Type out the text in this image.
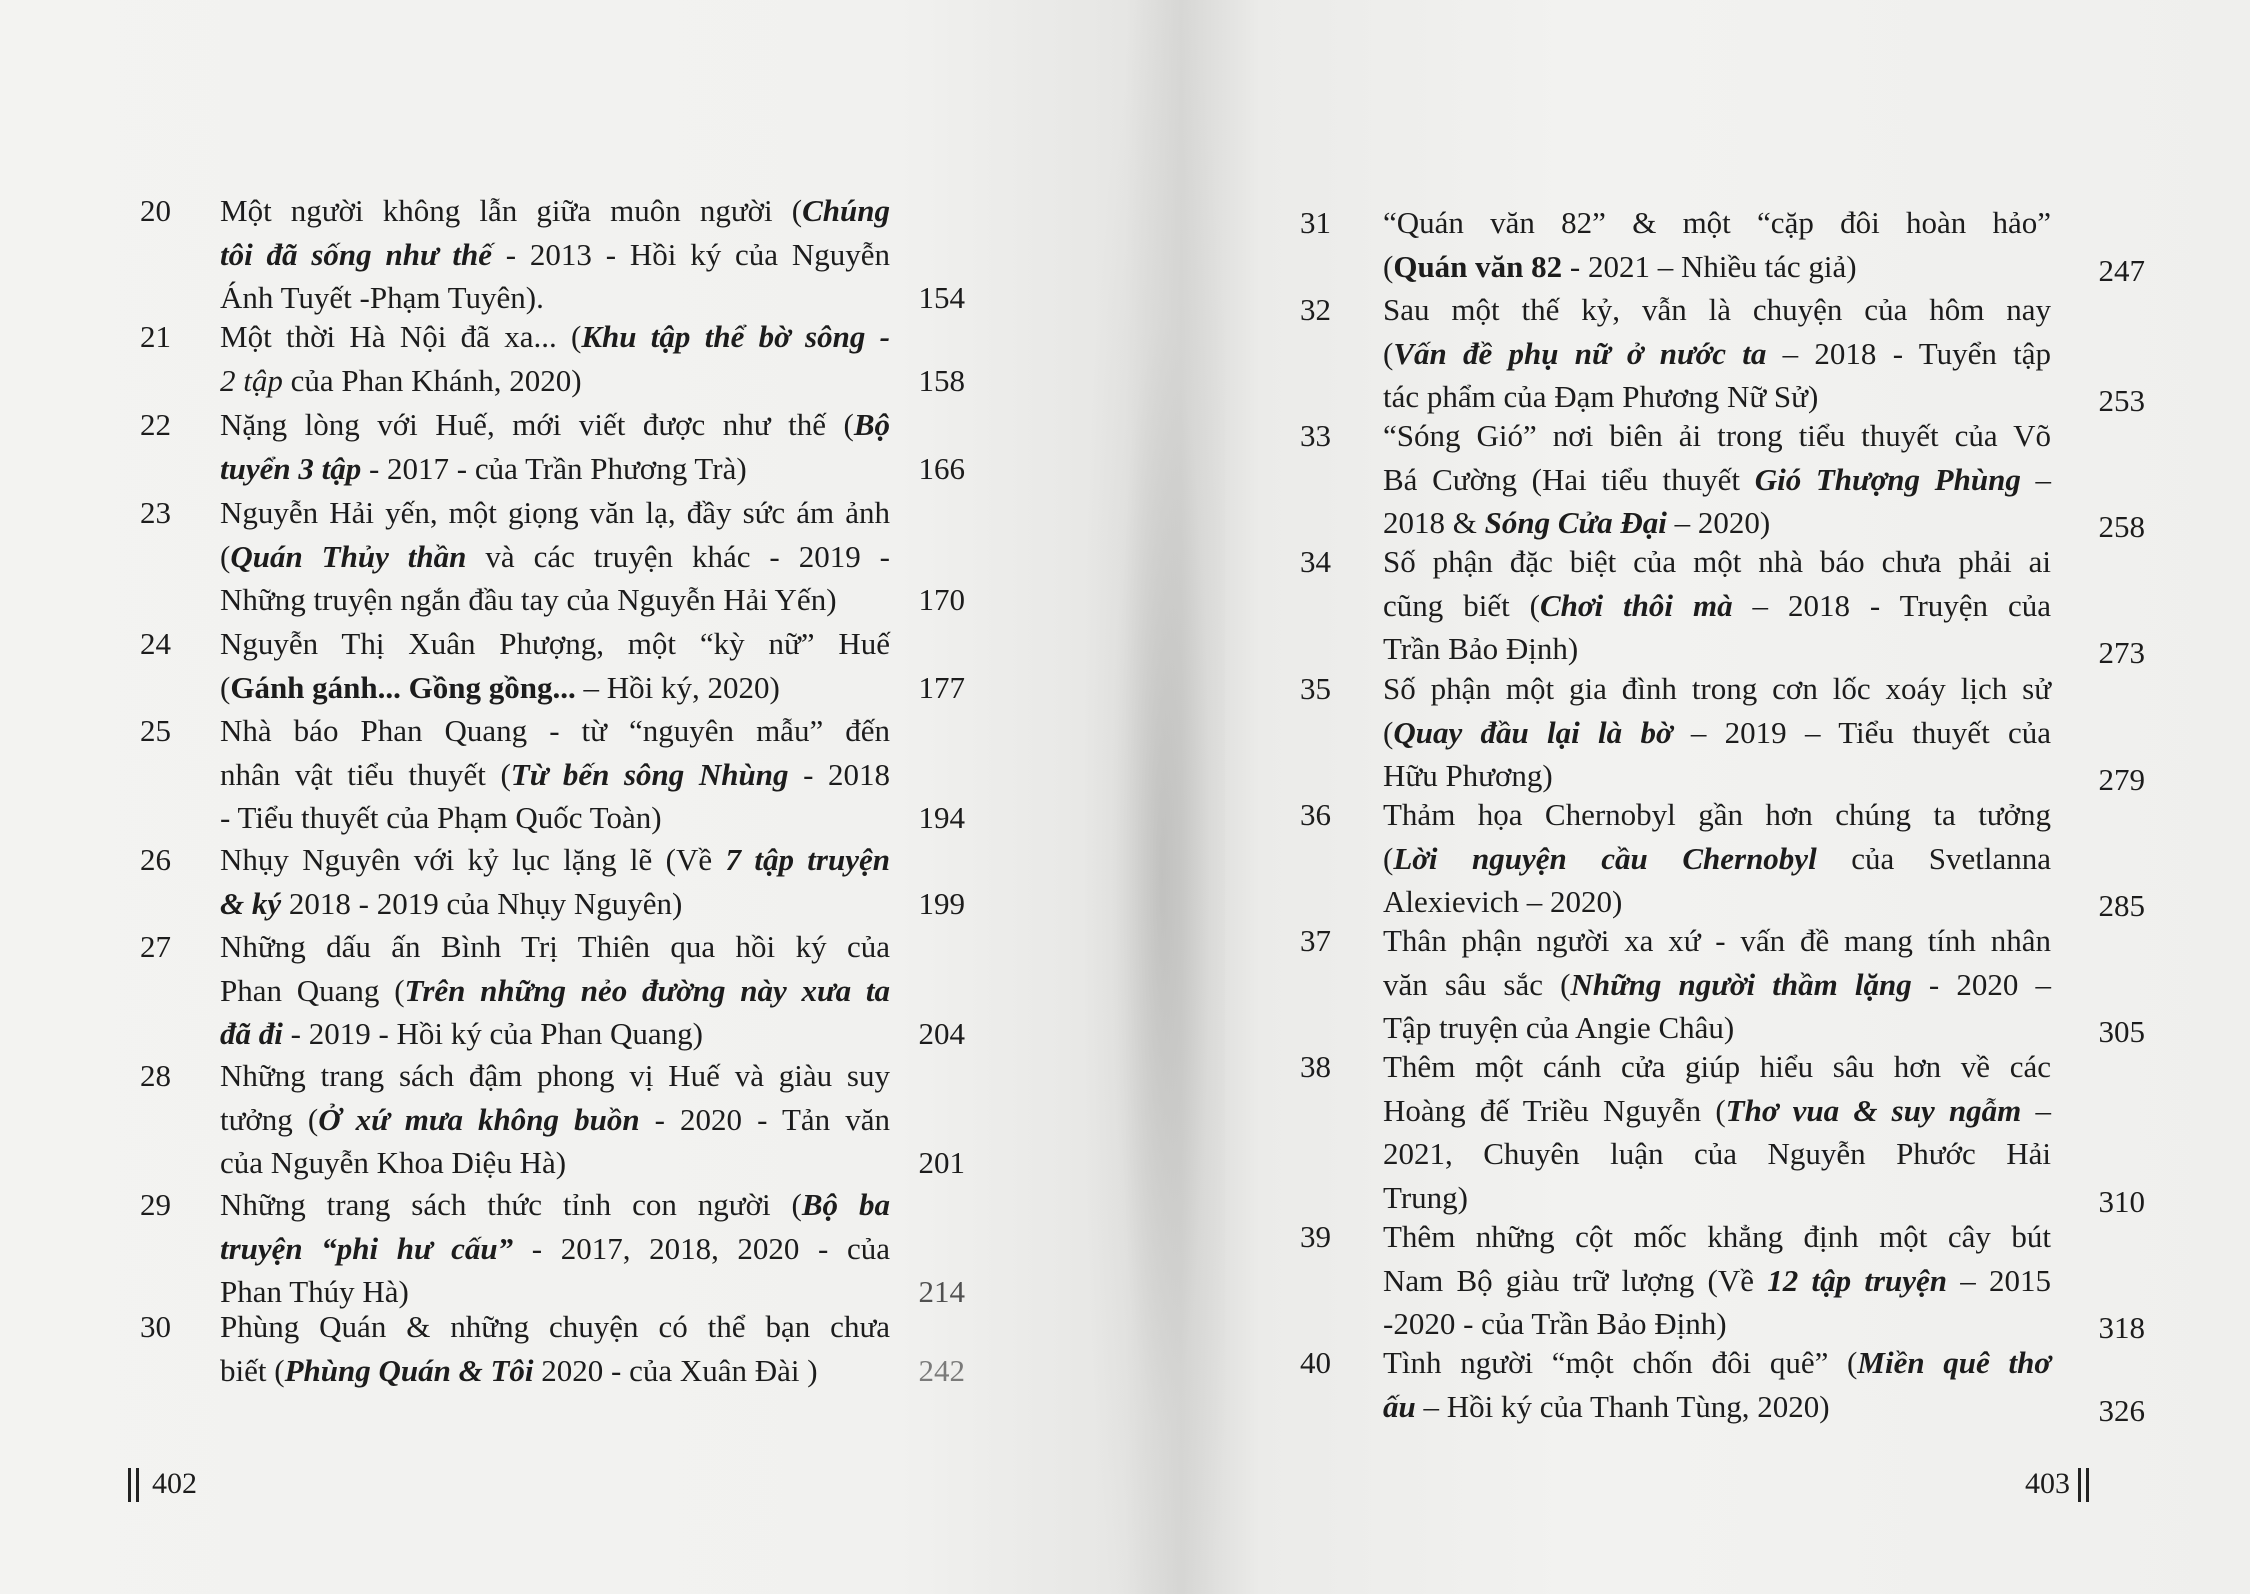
20	Một người không lẫn giữa muôn người (Chúng
tôi đã sống như thế - 2013 - Hồi ký của Nguyễn
Ánh Tuyết -Phạm Tuyên).	154
21	Một thời Hà Nội đã xa... (Khu tập thể bờ sông -
2 tập của Phan Khánh, 2020)	158
22	Nặng lòng với Huế, mới viết được như thế (Bộ
tuyển 3 tập - 2017 - của Trần Phương Trà)	166
23	Nguyễn Hải yến, một giọng văn lạ, đầy sức ám ảnh
(Quán Thủy thần và các truyện khác - 2019 -
Những truyện ngắn đầu tay của Nguyễn Hải Yến)	170
24	Nguyễn Thị Xuân Phượng, một “kỳ nữ” Huế
(Gánh gánh... Gồng gồng... – Hồi ký, 2020)	177
25	Nhà báo Phan Quang - từ “nguyên mẫu” đến
nhân vật tiểu thuyết (Từ bến sông Nhùng - 2018
- Tiểu thuyết của Phạm Quốc Toàn)	194
26	Nhụy Nguyên với kỷ lục lặng lẽ (Về 7 tập truyện
& ký 2018 - 2019 của Nhụy Nguyên)	199
27	Những dấu ấn Bình Trị Thiên qua hồi ký của
Phan Quang (Trên những nẻo đường này xưa ta
đã đi - 2019 - Hồi ký của Phan Quang)	204
28	Những trang sách đậm phong vị Huế và giàu suy
tưởng (Ở xứ mưa không buồn - 2020 - Tản văn
của Nguyễn Khoa Diệu Hà)	201
29	Những trang sách thức tỉnh con người (Bộ ba
truyện “phi hư cấu” - 2017, 2018, 2020 - của
Phan Thúy Hà)	214
30	Phùng Quán & những chuyện có thể bạn chưa
biết (Phùng Quán & Tôi 2020 - của Xuân Đài )	242
31	“Quán văn 82” & một “cặp đôi hoàn hảo”
(Quán văn 82 - 2021 – Nhiều tác giả)	247
32	Sau một thế kỷ, vẫn là chuyện của hôm nay
(Vấn đề phụ nữ ở nước ta – 2018 - Tuyển tập
tác phẩm của Đạm Phương Nữ Sử)	253
33	“Sóng Gió” nơi biên ải trong tiểu thuyết của Võ
Bá Cường (Hai tiểu thuyết Gió Thượng Phùng –
2018 & Sóng Cửa Đại – 2020)	258
34	Số phận đặc biệt của một nhà báo chưa phải ai
cũng biết (Chơi thôi mà – 2018 - Truyện của
Trần Bảo Định)	273
35	Số phận một gia đình trong cơn lốc xoáy lịch sử
(Quay đầu lại là bờ – 2019 – Tiểu thuyết của
Hữu Phương)	279
36	Thảm họa Chernobyl gần hơn chúng ta tưởng
(Lời nguyện cầu Chernobyl của Svetlanna
Alexievich – 2020)	285
37	Thân phận người xa xứ - vấn đề mang tính nhân
văn sâu sắc (Những người thầm lặng - 2020 –
Tập truyện của Angie Châu)	305
38	Thêm một cánh cửa giúp hiểu sâu hơn về các
Hoàng đế Triều Nguyễn (Thơ vua & suy ngẫm –
2021, Chuyên luận của Nguyễn Phước Hải
Trung)	310
39	Thêm những cột mốc khẳng định một cây bút
Nam Bộ giàu trữ lượng (Về 12 tập truyện – 2015
-2020 - của Trần Bảo Định)	318
40	Tình người “một chốn đôi quê” (Miền quê thơ
ấu – Hồi ký của Thanh Tùng, 2020)	326
402	403
